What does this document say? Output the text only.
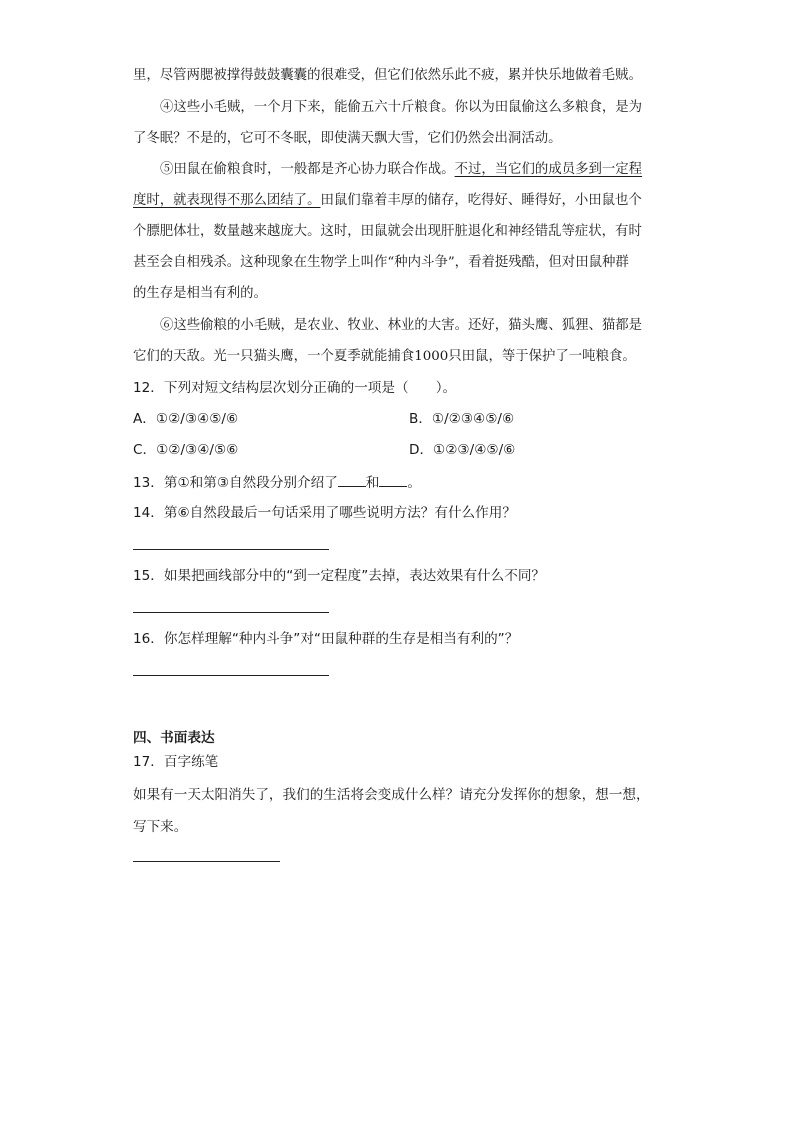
里，尽管两腮被撑得鼓鼓囊囊的很难受，但它们依然乐此不疲，累并快乐地做着毛贼。
④这些小毛贼，一个月下来，能偷五六十斤粮食。你以为田鼠偷这么多粮食，是为
了冬眠？不是的，它可不冬眠，即使满天飘大雪，它们仍然会出洞活动。
⑤田鼠在偷粮食时，一般都是齐心协力联合作战。不过，当它们的成员多到一定程
度时，就表现得不那么团结了。田鼠们靠着丰厚的储存，吃得好、睡得好，小田鼠也个
个膘肥体壮，数量越来越庞大。这时，田鼠就会出现肝脏退化和神经错乱等症状，有时
甚至会自相残杀。这种现象在生物学上叫作“种内斗争”，看着挺残酷，但对田鼠种群
的生存是相当有利的。
⑥这些偷粮的小毛贼，是农业、牧业、林业的大害。还好，猫头鹰、狐狸、猫都是
它们的天敌。光一只猫头鹰，一个夏季就能捕食1000只田鼠，等于保护了一吨粮食。
12．下列对短文结构层次划分正确的一项是（　　）。
A．①②/③④⑤/⑥	B．①/②③④⑤/⑥
C．①②/③④/⑤⑥	D．①②③/④⑤/⑥
13．第①和第③自然段分别介绍了 和 。
14．第⑥自然段最后一句话采用了哪些说明方法？有什么作用？
15．如果把画线部分中的“到一定程度”去掉，表达效果有什么不同？
16．你怎样理解“种内斗争”对“田鼠种群的生存是相当有利的”？
四、书面表达
17．百字练笔
如果有一天太阳消失了，我们的生活将会变成什么样？请充分发挥你的想象，想一想，
写下来。
